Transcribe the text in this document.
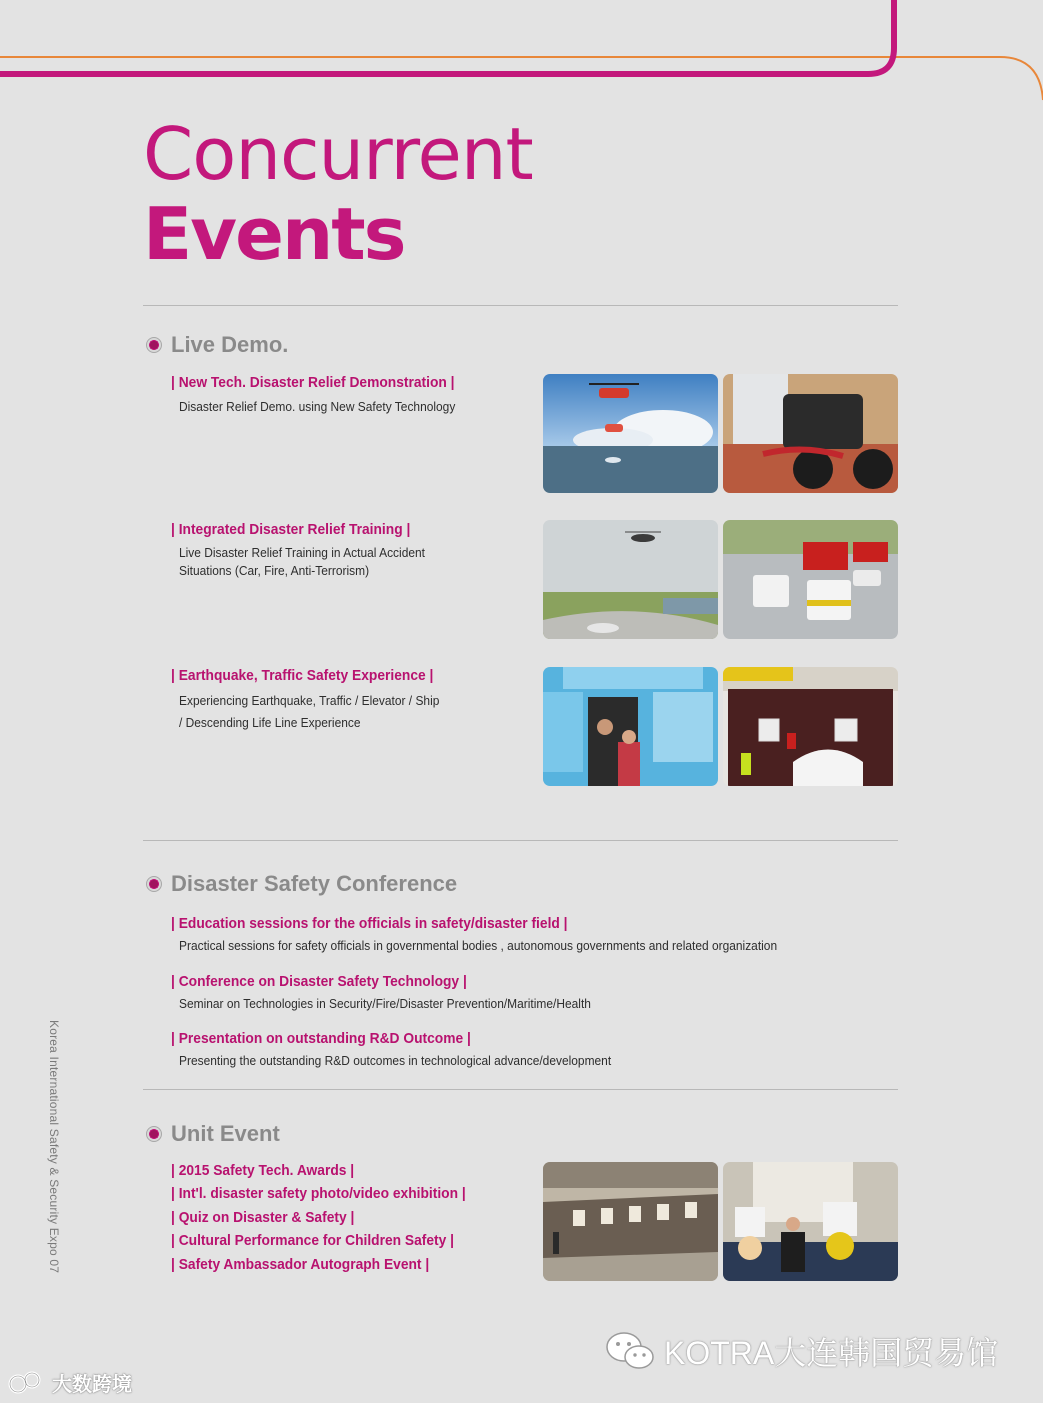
Concurrent
Events
Live Demo.
| New Tech. Disaster Relief Demonstration |
Disaster Relief Demo. using New Safety Technology
| Integrated Disaster Relief Training |
Live Disaster Relief Training in Actual Accident
Situations (Car, Fire, Anti-Terrorism)
| Earthquake, Traffic Safety Experience |
Experiencing Earthquake, Traffic / Elevator / Ship
/ Descending Life Line Experience
Disaster Safety Conference
| Education sessions for the officials in safety/disaster field |
Practical sessions for safety officials in governmental bodies , autonomous governments and related organization
| Conference on Disaster Safety Technology |
Seminar on Technologies in Security/Fire/Disaster Prevention/Maritime/Health
| Presentation on outstanding R&D Outcome |
Presenting the outstanding R&D outcomes in technological advance/development
Unit Event
| 2015 Safety Tech. Awards |
| Int'l. disaster safety photo/video exhibition |
| Quiz on Disaster & Safety |
| Cultural Performance for Children Safety |
| Safety Ambassador Autograph Event |
Korea International Safety & Security Expo 07
KOTRA大连韩国贸易馆
大数跨境
